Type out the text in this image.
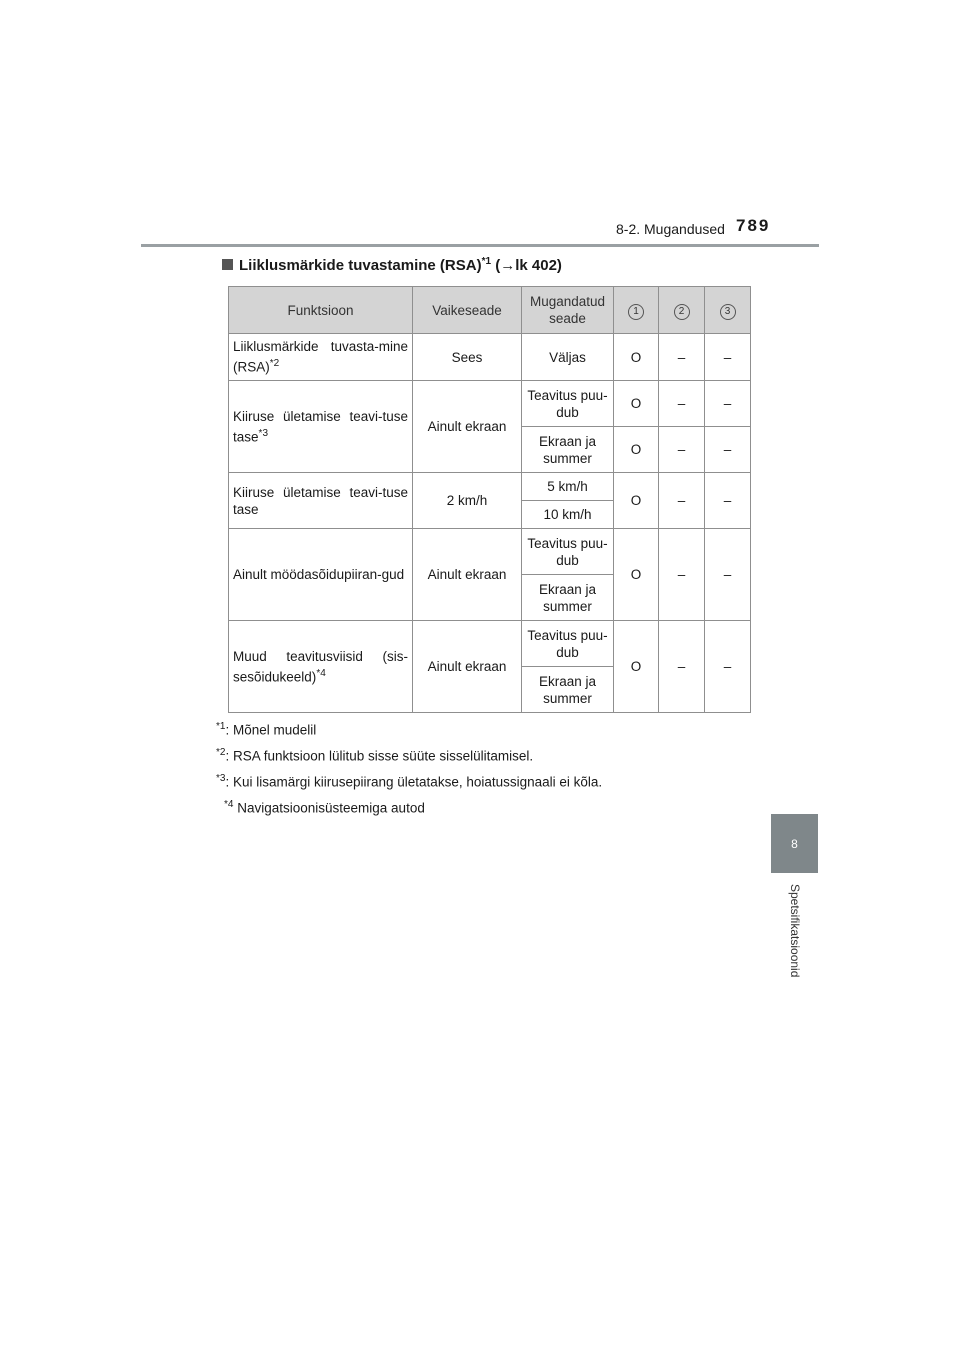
8-2. Mugandused 789
8
Spetsifikatsioonid
Liiklusmärkide tuvastamine (RSA)$^{*1}$ (→lk 402)
Funktsioon	Vaikeseade	Mugandatud seade	1	2	3
Liiklusmärkide tuvasta-mine (RSA)$^{*2}$	Sees	Väljas	O	–	–
Kiiruse ületamise teavi-tuse tase$^{*3}$	Ainult ekraan	Teavitus puu-dub	O	–	–
		Ekraan ja summer	O	–	–
Kiiruse ületamise teavi-tuse tase	2 km/h	5 km/h	O	–	–
		10 km/h			
Ainult möödasõidupiiran-gud	Ainult ekraan	Teavitus puu-dub	O	–	–
		Ekraan ja summer			
Muud teavitusviisid (sis-sesõidukeeld)$^{*4}$	Ainult ekraan	Teavitus puu-dub	O	–	–
		Ekraan ja summer			
$^{*1}$: Mõnel mudelil
$^{*2}$: RSA funktsioon lülitub sisse süüte sisselülitamisel.
$^{*3}$: Kui lisamärgi kiirusepiirang ületatakse, hoiatussignaali ei kõla.
$^{*4}$ Navigatsioonisüsteemiga autod
